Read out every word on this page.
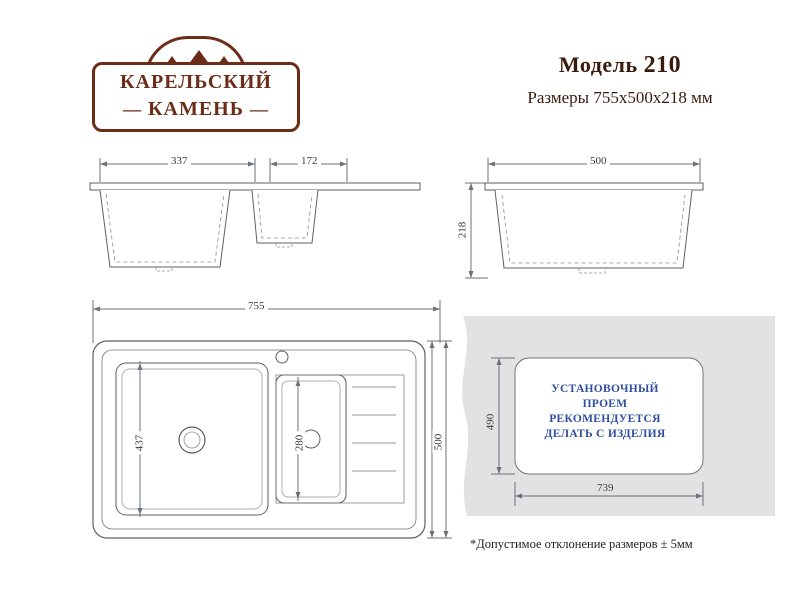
КАРЕЛЬСКИЙ
— КАМЕНЬ —
Модель 210
Размеры 755x500x218 мм
337	172	500
218
755
500
437	280
УСТАНОВОЧНЫЙ
ПРОЕМ
РЕКОМЕНДУЕТСЯ
ДЕЛАТЬ С ИЗДЕЛИЯ
490
739
*Допустимое отклонение размеров ± 5мм
